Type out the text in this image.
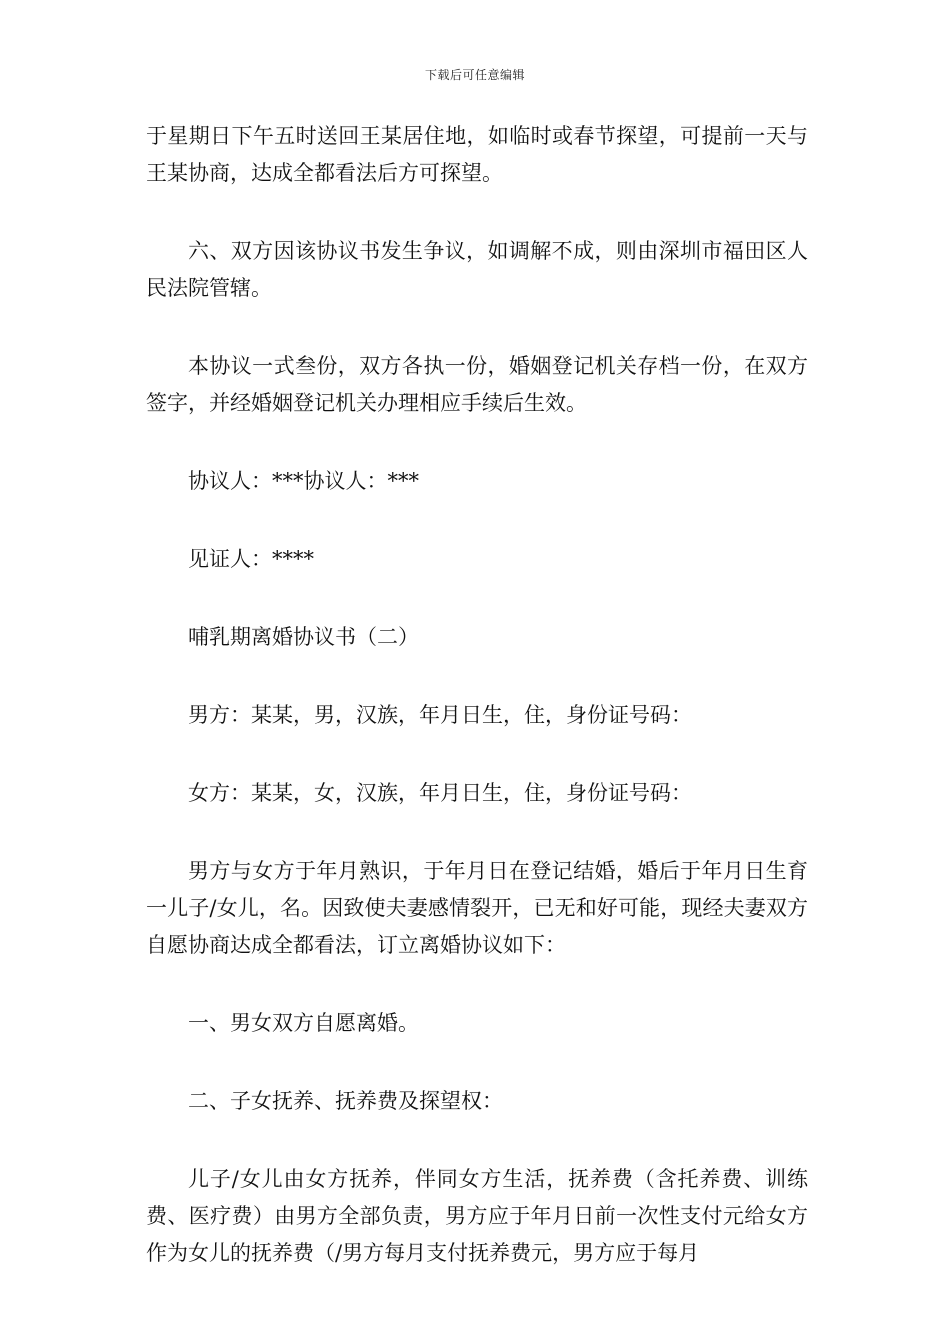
下载后可任意编辑

于星期日下午五时送回王某居住地，如临时或春节探望，可提前一天与王某协商，达成全都看法后方可探望。

六、双方因该协议书发生争议，如调解不成，则由深圳市福田区人民法院管辖。

本协议一式叁份，双方各执一份，婚姻登记机关存档一份，在双方签字，并经婚姻登记机关办理相应手续后生效。

协议人：***协议人：***

见证人：****

哺乳期离婚协议书（二）

男方：某某，男，汉族，年月日生，住，身份证号码：

女方：某某，女，汉族，年月日生，住，身份证号码：

男方与女方于年月熟识，于年月日在登记结婚，婚后于年月日生育一儿子/女儿，名。因致使夫妻感情裂开，已无和好可能，现经夫妻双方自愿协商达成全都看法，订立离婚协议如下：

一、男女双方自愿离婚。

二、子女抚养、抚养费及探望权：

儿子/女儿由女方抚养，伴同女方生活，抚养费（含托养费、训练费、医疗费）由男方全部负责，男方应于年月日前一次性支付元给女方作为女儿的抚养费（/男方每月支付抚养费元，男方应于每月
